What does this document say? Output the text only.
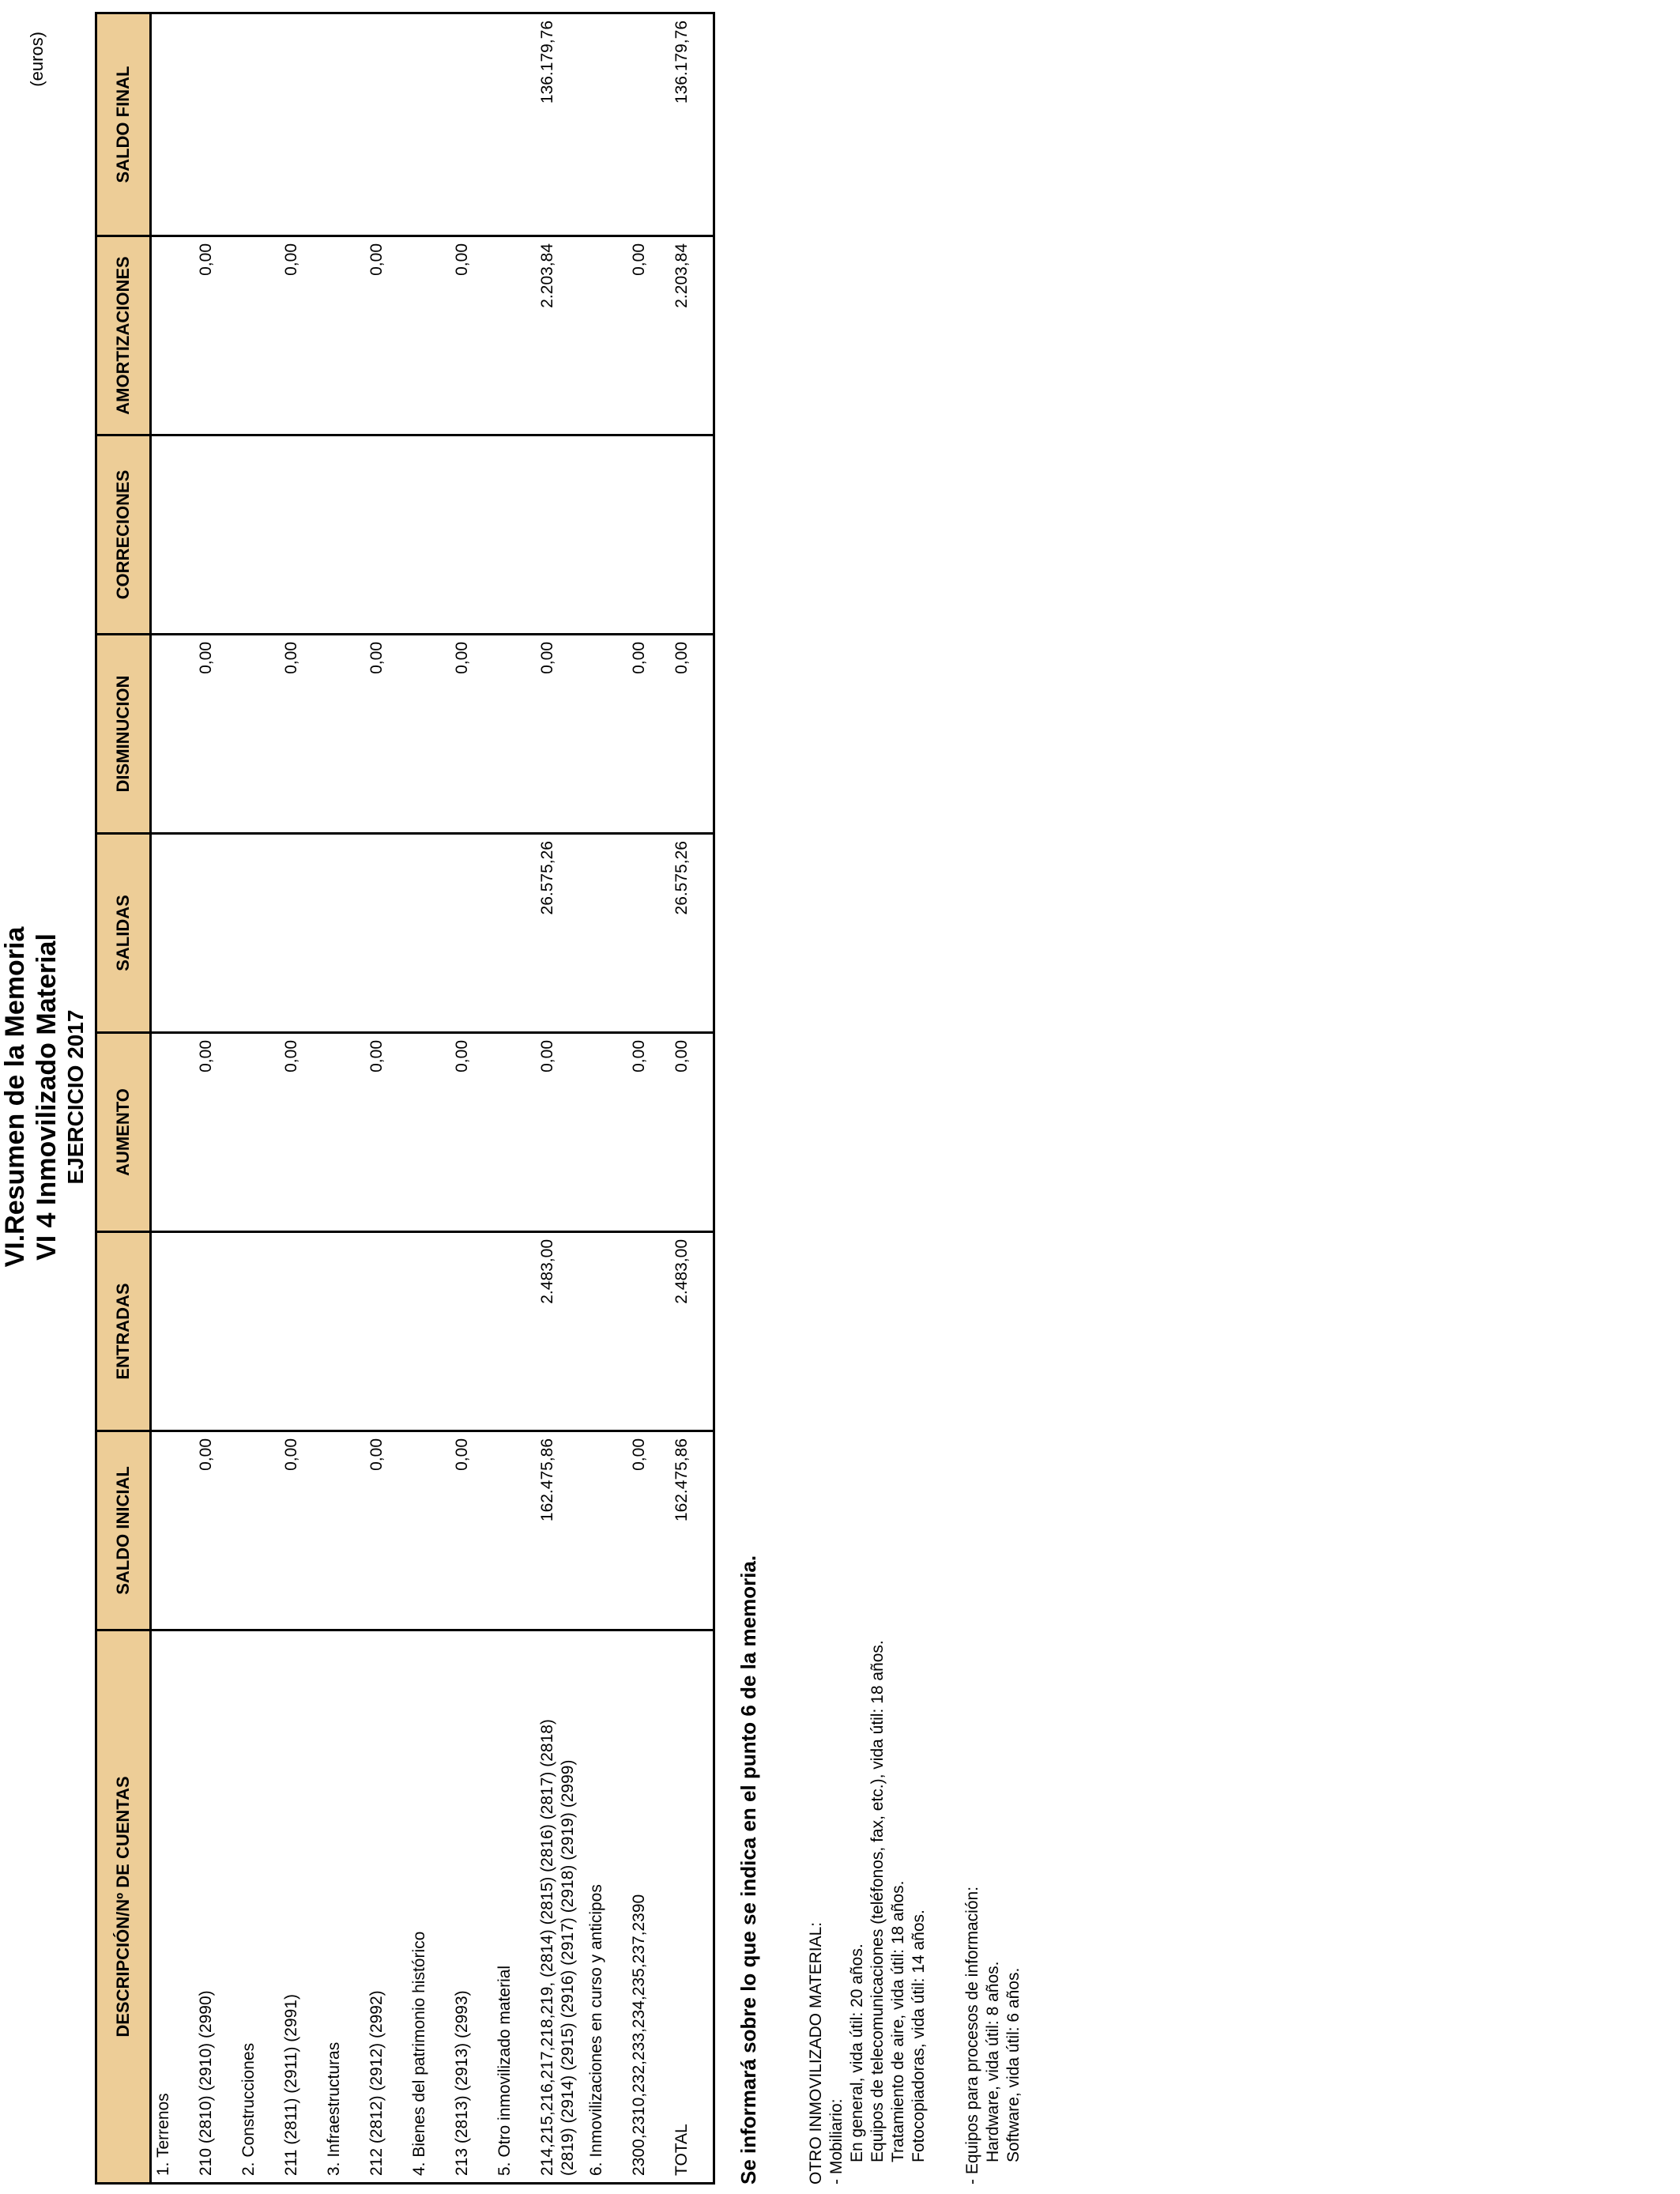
VI.Resumen de la Memoria VI 4 Inmovilizado Material EJERCICIO 2017
(euros)
DESCRIPCIÓN/Nº DE CUENTAS	SALDO INICIAL	ENTRADAS	AUMENTO	SALIDAS	DISMINUCION	CORRECIONES	AMORTIZACIONES	SALDO FINAL

1. Terrenos								

210 (2810) (2910) (2990)	0,00		0,00		0,00		0,00	

2. Construcciones								

211 (2811) (2911) (2991)	0,00		0,00		0,00		0,00	

3. Infraestructuras								

212 (2812) (2912) (2992)	0,00		0,00		0,00		0,00	

4. Bienes del patrimonio histórico								

213 (2813) (2913) (2993)	0,00		0,00		0,00		0,00	

5. Otro inmovilizado material								

214,215,216,217,218,219, (2814) (2815) (2816) (2817) (2818) (2819) (2914) (2915) (2916) (2917) (2918) (2919) (2999)	162.475,86	2.483,00	0,00	26.575,26	0,00		2.203,84	136.179,76

6. Inmovilizaciones en curso y anticipos								

2300,2310,232,233,234,235,237,2390	0,00		0,00		0,00		0,00	

TOTAL	162.475,86	2.483,00	0,00	26.575,26	0,00		2.203,84	136.179,76
Se informará sobre lo que se indica en el punto 6 de la memoria.	OTRO INMOVILIZADO MATERIAL: - Mobiliario: En general, vida útil: 20 años. Equipos de telecomunicaciones (teléfonos, fax, etc.), vida útil: 18 años. Tratamiento de aire, vida útil: 18 años. Fotocopiadoras, vida útil: 14 años. - Equipos para procesos de información: Hardware, vida útil: 8 años. Software, vida útil: 6 años.
